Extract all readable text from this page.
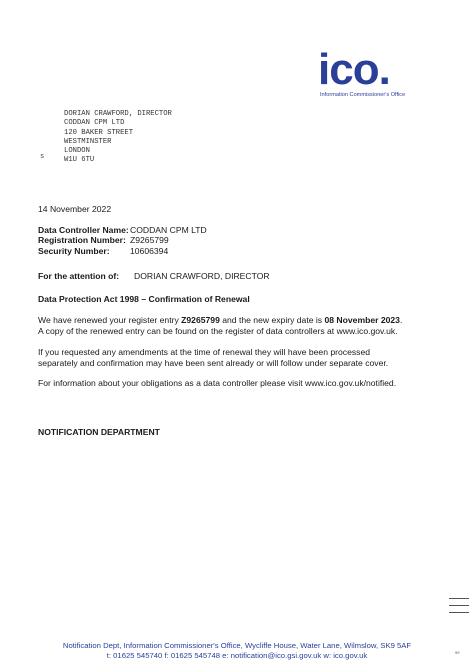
ico.
Information Commissioner's Office
DORIAN CRAWFORD, DIRECTOR
CODDAN CPM LTD
120 BAKER STREET
WESTMINSTER
LONDON
W1U 6TU
s
14 November 2022
Data Controller Name: CODDAN CPM LTD
Registration Number: Z9265799
Security Number:	10606394
For the attention of:	DORIAN CRAWFORD, DIRECTOR
Data Protection Act 1998 – Confirmation of Renewal
We have renewed your register entry Z9265799 and the new expiry date is 08 November 2023.
A copy of the renewed entry can be found on the register of data controllers at www.ico.gov.uk.
If you requested any amendments at the time of renewal they will have been processed
separately and confirmation may have been sent already or will follow under separate cover.
For information about your obligations as a data controller please visit www.ico.gov.uk/notified.
NOTIFICATION DEPARTMENT
Notification Dept, Information Commissioner's Office, Wycliffe House, Water Lane, Wilmslow, SK9 5AF
t: 01625 545740 f: 01625 545748 e: notification@ico.gsi.gov.uk w: ico.gov.uk	99
